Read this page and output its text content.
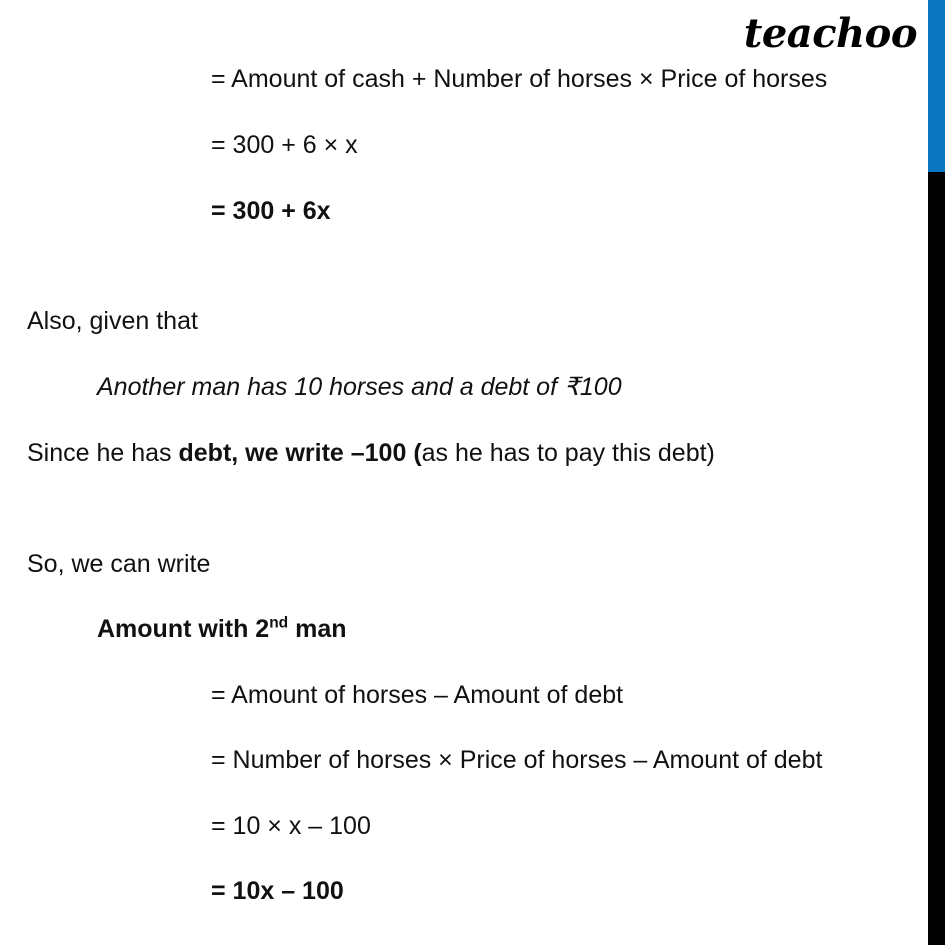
teachoo
= Amount of cash + Number of horses × Price of horses
= 300 + 6 × x
= 300 + 6x
Also, given that
Another man has 10 horses and a debt of ₹100
Since he has debt, we write –100 (as he has to pay this debt)
So, we can write
Amount with 2nd man
= Amount of horses – Amount of debt
= Number of horses × Price of horses – Amount of debt
= 10 × x – 100
= 10x – 100
